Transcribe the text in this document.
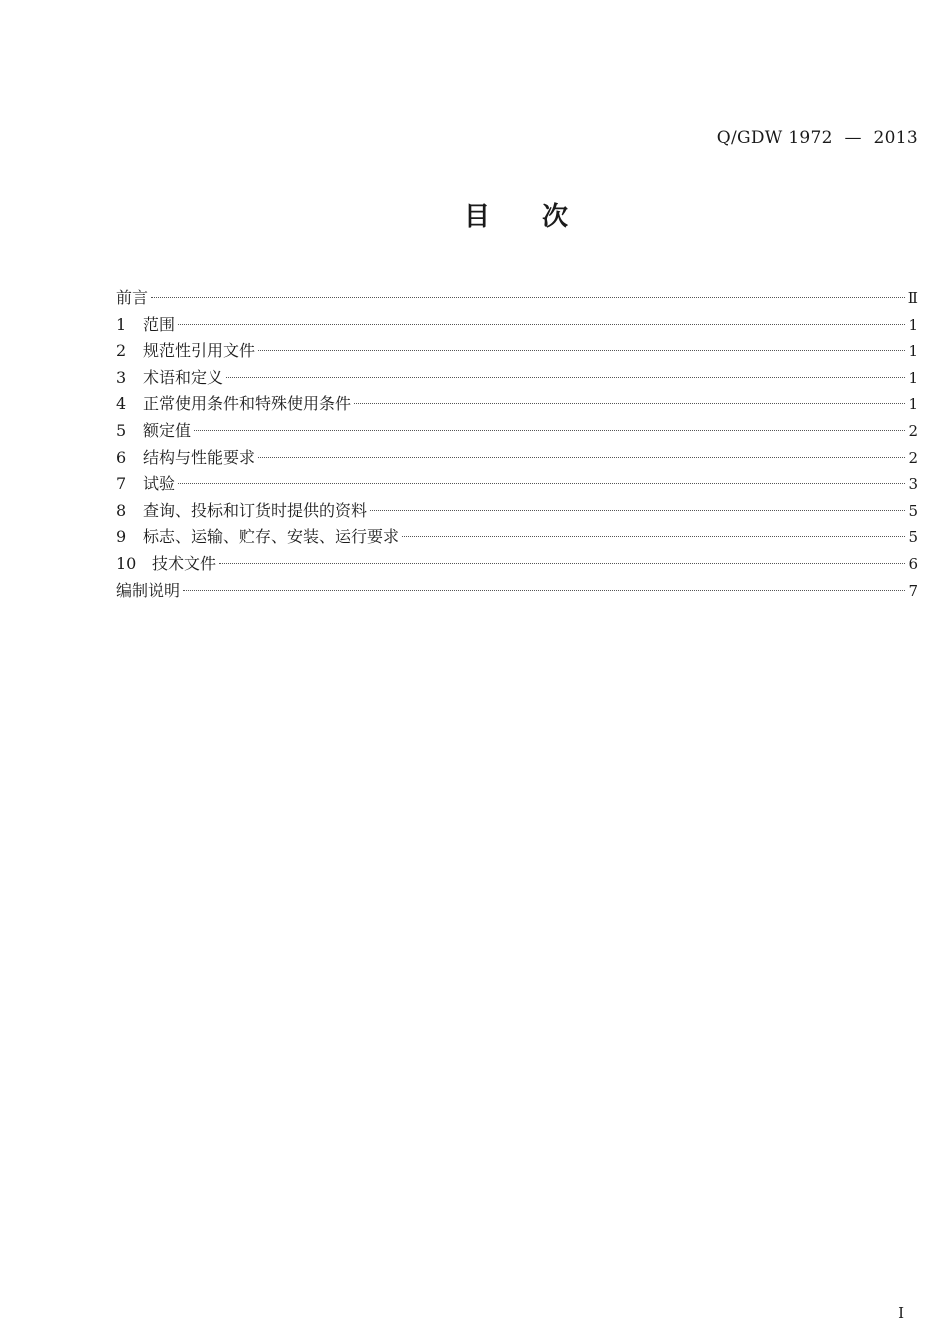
Q/GDW 1972 — 2013
目 次
前言	Ⅱ
1	范围	1
2	规范性引用文件	1
3	术语和定义	1
4	正常使用条件和特殊使用条件	1
5	额定值	2
6	结构与性能要求	2
7	试验	3
8	查询、投标和订货时提供的资料	5
9	标志、运输、贮存、安装、运行要求	5
10 技术文件	6
编制说明	7
I
